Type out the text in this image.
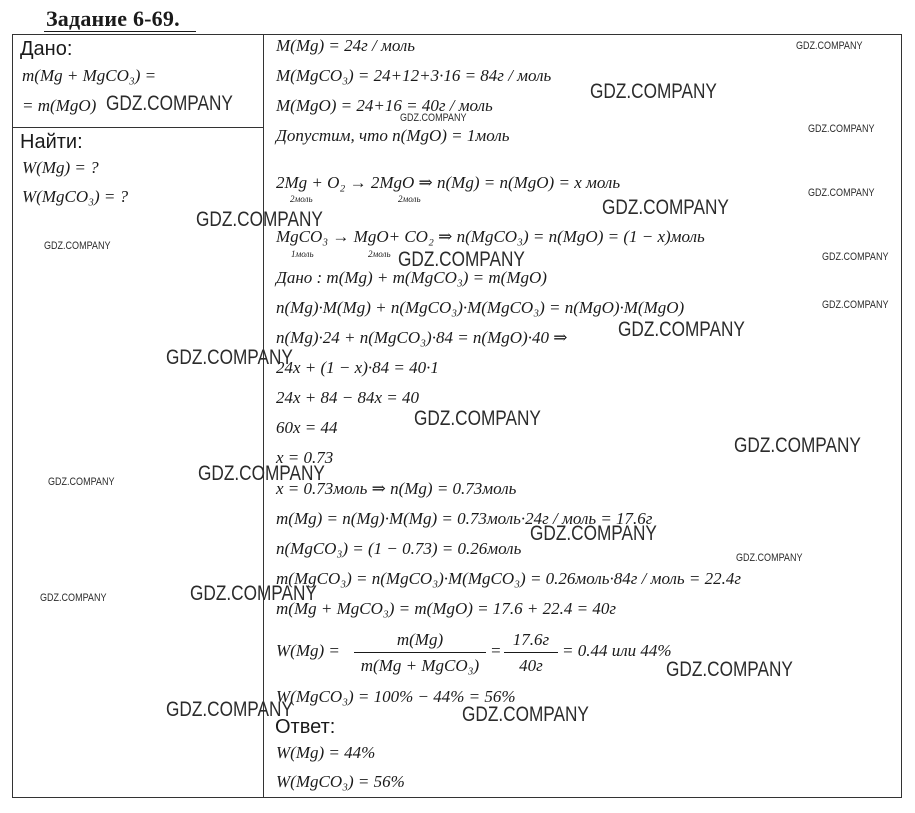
Задание 6-69.
Дано:
m(Mg + MgCO₃) =
= m(MgO)
Найти:
W(Mg) = ?
W(MgCO₃) = ?
M(Mg) = 24г / моль
M(MgCO₃) = 24+12+3·16 = 84г / моль
M(MgO) = 24+16 = 40г / моль
Допустим, что n(MgO) = 1моль
2Mg + O₂ → 2MgO ⇒ n(Mg) = n(MgO) = x моль
2моль	2моль
MgCO₃ → MgO+ CO₂ ⇒ n(MgCO₃) = n(MgO) = (1 − x)моль
1моль	2моль
Дано : m(Mg) + m(MgCO₃) = m(MgO)
n(Mg)·M(Mg) + n(MgCO₃)·M(MgCO₃) = n(MgO)·M(MgO)
n(Mg)·24 + n(MgCO₃)·84 = n(MgO)·40 ⇒
24x + (1 − x)·84 = 40·1
24x + 84 − 84x = 40
60x = 44
x = 0.73
x = 0.73моль ⇒ n(Mg) = 0.73моль
m(Mg) = n(Mg)·M(Mg) = 0.73моль·24г / моль = 17.6г
n(MgCO₃) = (1 − 0.73) = 0.26моль
m(MgCO₃) = n(MgCO₃)·M(MgCO₃) = 0.26моль·84г / моль = 22.4г
m(Mg + MgCO₃) = m(MgO) = 17.6 + 22.4 = 40г
W(Mg) =
m(Mg)
m(Mg + MgCO₃)
=
17.6г
40г
= 0.44 или 44%
W(MgCO₃) = 100% − 44% = 56%
Ответ:
W(Mg) = 44%
W(MgCO₃) = 56%
GDZ.COMPANY
GDZ.COMPANY
GDZ.COMPANY
GDZ.COMPANY
GDZ.COMPANY
GDZ.COMPANY
GDZ.COMPANY
GDZ.COMPANY
GDZ.COMPANY
GDZ.COMPANY
GDZ.COMPANY
GDZ.COMPANY
GDZ.COMPANY
GDZ.COMPANY	GDZ.COMPANY
GDZ.COMPANY
GDZ.COMPANY
GDZ.COMPANY
GDZ.COMPANY
GDZ.COMPANY
GDZ.COMPANY
GDZ.COMPANY
GDZ.COMPANY
GDZ.COMPANY
GDZ.COMPANY
